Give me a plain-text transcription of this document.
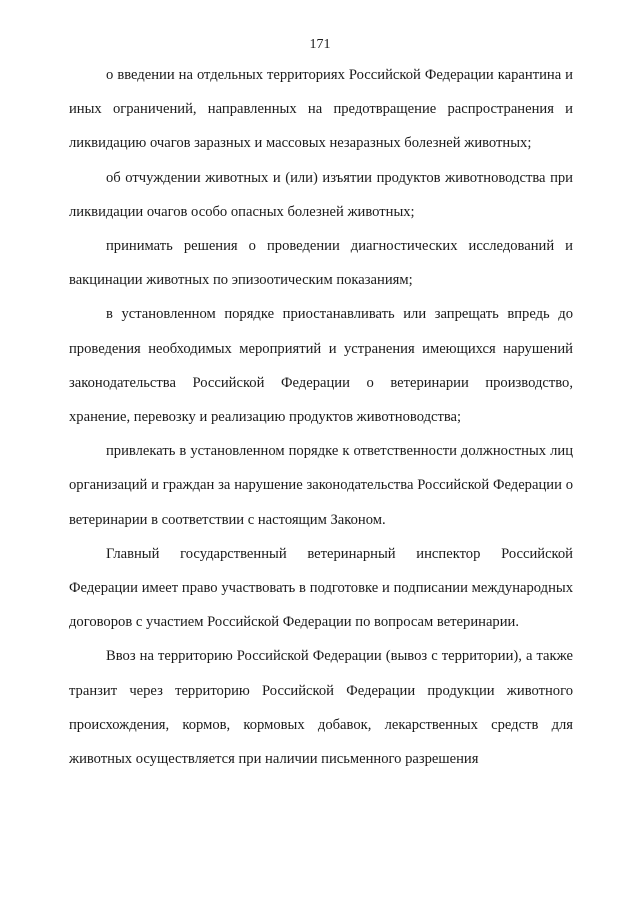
171

о введении на отдельных территориях Российской Федерации карантина и иных ограничений, направленных на предотвращение распространения и ликвидацию очагов заразных и массовых незаразных болезней животных;

об отчуждении животных и (или) изъятии продуктов животноводства при ликвидации очагов особо опасных болезней животных;

принимать решения о проведении диагностических исследований и вакцинации животных по эпизоотическим показаниям;

в установленном порядке приостанавливать или запрещать впредь до проведения необходимых мероприятий и устранения имеющихся нарушений законодательства Российской Федерации о ветеринарии производство, хранение, перевозку и реализацию продуктов животноводства;

привлекать в установленном порядке к ответственности должностных лиц организаций и граждан за нарушение законодательства Российской Федерации о ветеринарии в соответствии с настоящим Законом.

Главный государственный ветеринарный инспектор Российской Федерации имеет право участвовать в подготовке и подписании международных договоров с участием Российской Федерации по вопросам ветеринарии.

Ввоз на территорию Российской Федерации (вывоз с территории), а также транзит через территорию Российской Федерации продукции животного происхождения, кормов, кормовых добавок, лекарственных средств для животных осуществляется при наличии письменного разрешения
